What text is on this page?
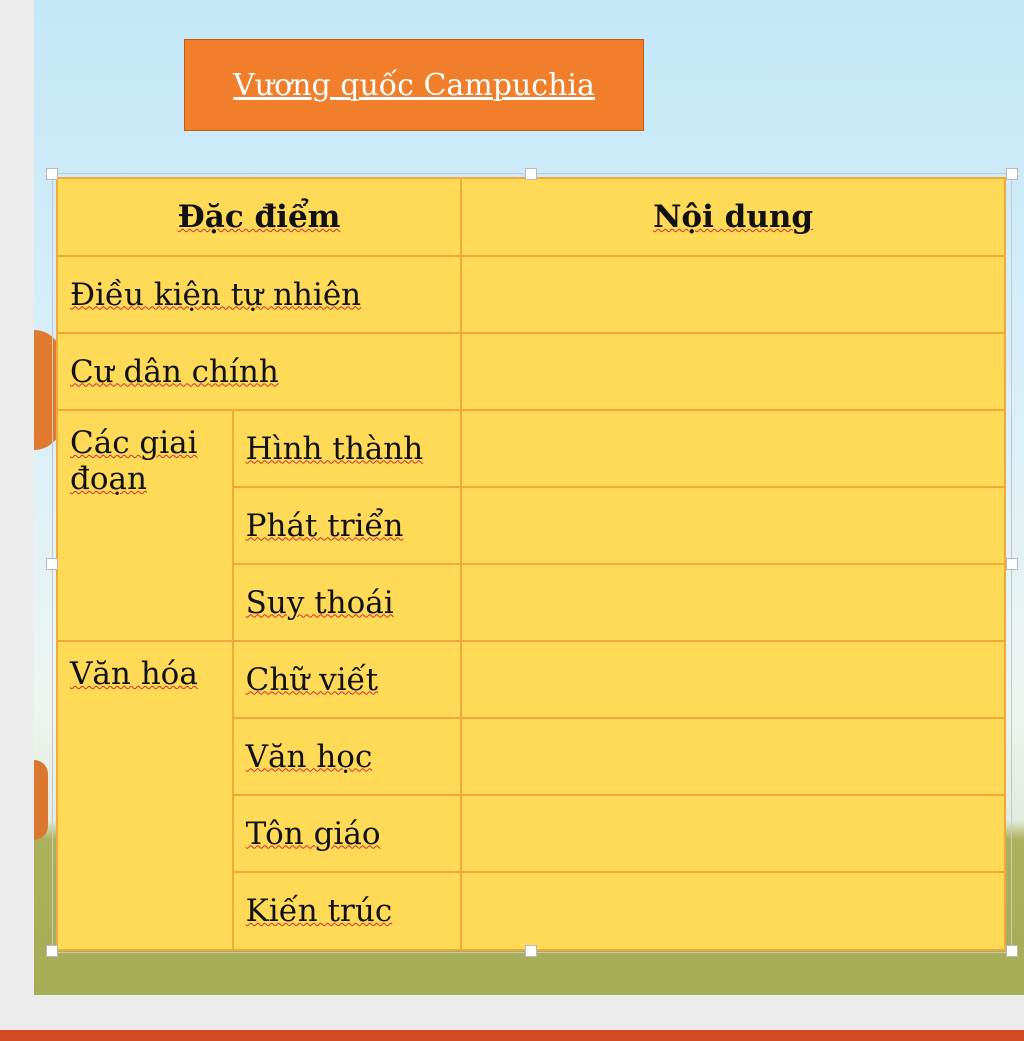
Vương quốc Campuchia
Đặc điểm		Nội dung
Điều kiện tự nhiên		
Cư dân chính		
Các giai đoạn	Hình thành	
	Phát triển	
	Suy thoái	
Văn hóa	Chữ viết	
	Văn học	
	Tôn giáo	
	Kiến trúc	
